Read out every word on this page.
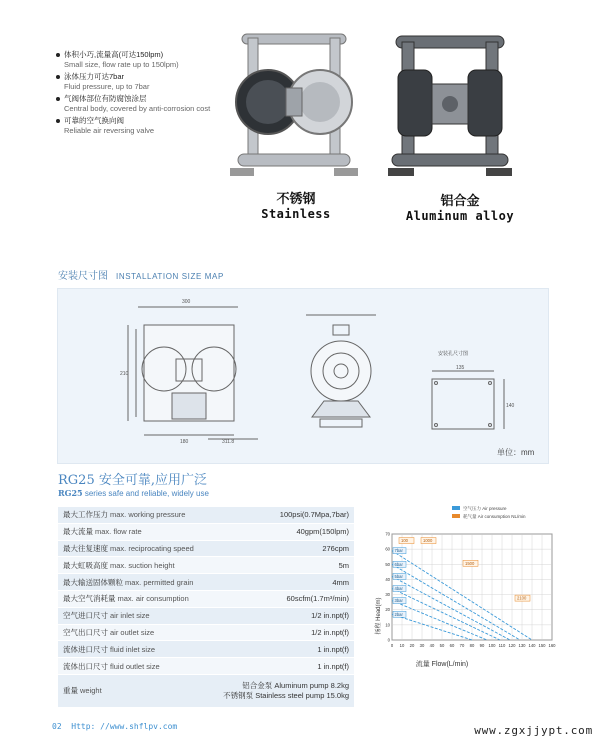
体积小巧,流量高(可达150lpm)
Small size, flow rate up to 150lpm)
泳体压力可达7bar
Fluid pressure, up to 7bar
气阀体部位有防腐蚀涂层
Central body, covered by anti-corrosion cost
可靠的空气换向阀
Reliable air reversing valve
不锈钢
Stainless
铝合金
Aluminum alloy
安装尺寸图 INSTALLATION SIZE MAP
300
210
180	311.8
安装孔尺寸图
135
140
单位：mm
RG25 安全可靠,应用广泛
RG25 series safe and reliable, widely use
最大工作压力 max. working pressure	100psi(0.7Mpa,7bar)
最大流量 max. flow rate	40gpm(150lpm)
最大往复速度 max. reciprocating speed	276cpm
最大虹吸高度 max. suction height	5m
最大输送固体颗粒 max. permitted grain	4mm
最大空气消耗量 max. air consumption	60scfm(1.7m³/min)
空气进口尺寸 air inlet size	1/2 in.npt(f)
空气出口尺寸 air outlet size	1/2 in.npt(f)
流体进口尺寸 fluid inlet size	1 in.npt(f)
流体出口尺寸 fluid outlet size	1 in.npt(f)
重量 weight
铝合金泵 Aluminum pump 8.2kg
不锈钢泵 Stainless steel pump 15.0kg
空气压力 Air pressure
耗气量 Air consumption NL/min
0 10 20 30 40 50 60 70 80 90 100 110 120 130 140 150 160
0
10
20
30
40
50
60
70
7bar
6bar
5bar
4bar
3bar
2bar
100	1000
1500
2100
扬程 Head(m)
流量 Flow(L/min)
02 Http: //www.shflpv.com	www.zgxjjypt.com
